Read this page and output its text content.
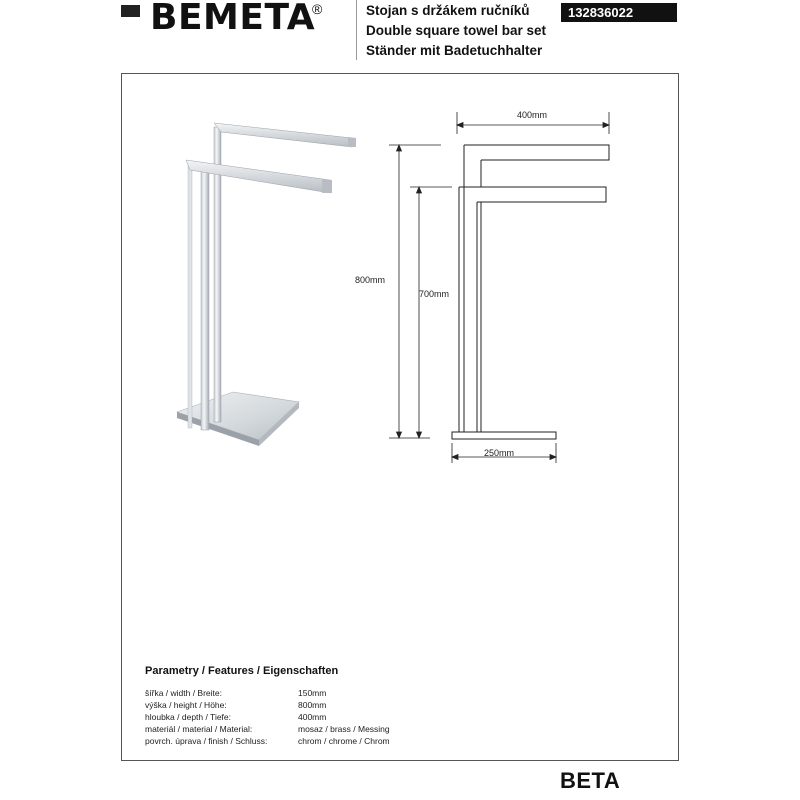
BEMETA
®	Stojan s držákem ručníků
Double square towel bar set
Ständer mit Badetuchhalter
132836022
400mm
800mm
700mm
250mm
Parametry / Features / Eigenschaften
šířka / width / Breite:	150mm
výška / height / Höhe:	800mm
hloubka / depth / Tiefe:	400mm
materiál / material / Material:	mosaz / brass / Messing
povrch. úprava / finish / Schluss:	chrom / chrome / Chrom
BETA
